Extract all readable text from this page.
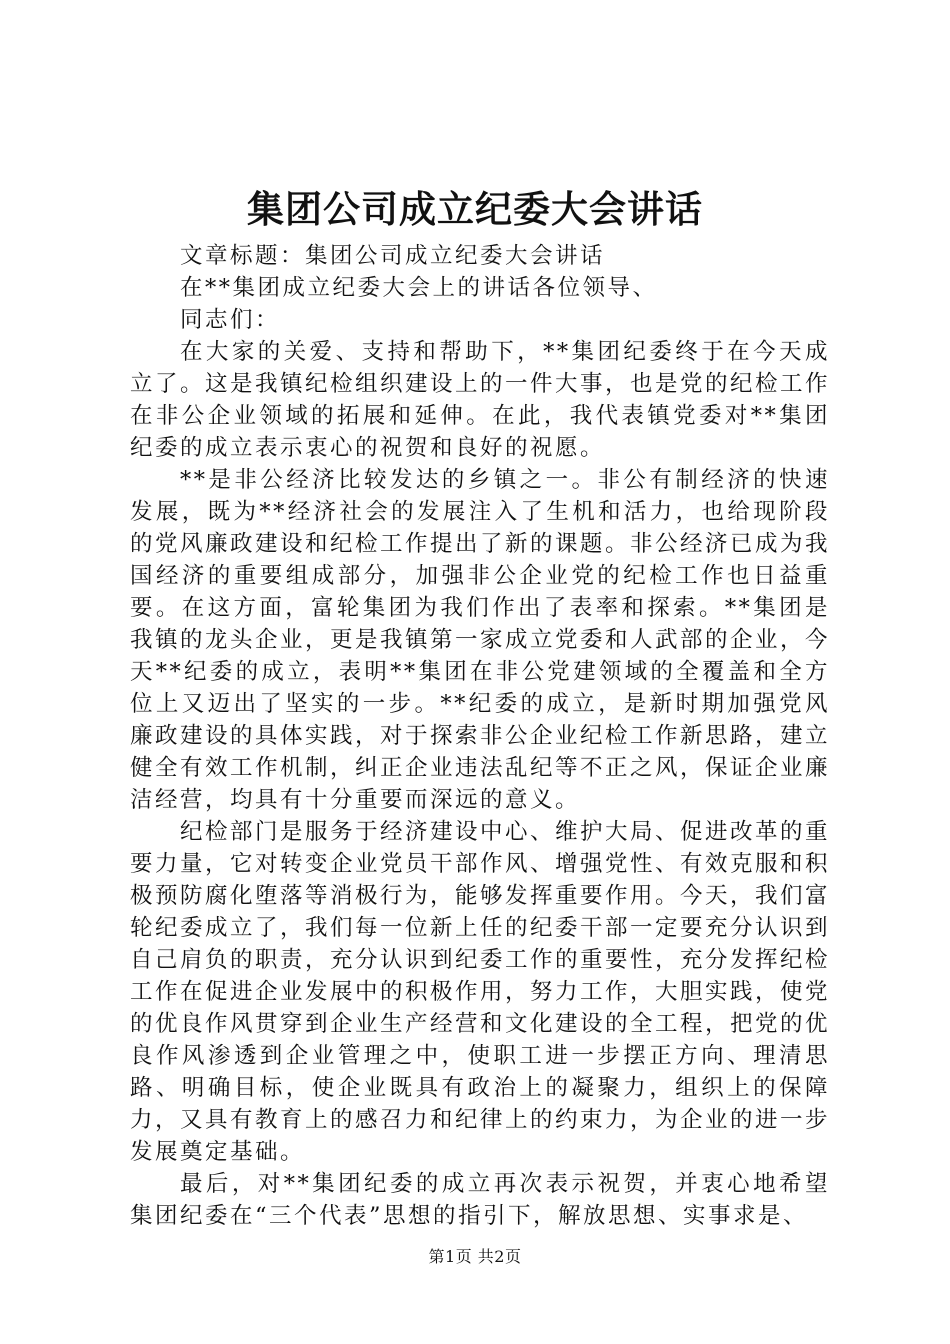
集团公司成立纪委大会讲话

文章标题：集团公司成立纪委大会讲话

在**集团成立纪委大会上的讲话各位领导、

同志们：

在大家的关爱、支持和帮助下，**集团纪委终于在今天成立了。这是我镇纪检组织建设上的一件大事，也是党的纪检工作在非公企业领域的拓展和延伸。在此，我代表镇党委对**集团纪委的成立表示衷心的祝贺和良好的祝愿。

**是非公经济比较发达的乡镇之一。非公有制经济的快速发展，既为**经济社会的发展注入了生机和活力，也给现阶段的党风廉政建设和纪检工作提出了新的课题。非公经济已成为我国经济的重要组成部分，加强非公企业党的纪检工作也日益重要。在这方面，富轮集团为我们作出了表率和探索。**集团是我镇的龙头企业，更是我镇第一家成立党委和人武部的企业，今天**纪委的成立，表明**集团在非公党建领域的全覆盖和全方位上又迈出了坚实的一步。**纪委的成立，是新时期加强党风廉政建设的具体实践，对于探索非公企业纪检工作新思路，建立健全有效工作机制，纠正企业违法乱纪等不正之风，保证企业廉洁经营，均具有十分重要而深远的意义。

纪检部门是服务于经济建设中心、维护大局、促进改革的重要力量，它对转变企业党员干部作风、增强党性、有效克服和积极预防腐化堕落等消极行为，能够发挥重要作用。今天，我们富轮纪委成立了，我们每一位新上任的纪委干部一定要充分认识到自己肩负的职责，充分认识到纪委工作的重要性，充分发挥纪检工作在促进企业发展中的积极作用，努力工作，大胆实践，使党的优良作风贯穿到企业生产经营和文化建设的全工程，把党的优良作风渗透到企业管理之中，使职工进一步摆正方向、理清思路、明确目标，使企业既具有政治上的凝聚力，组织上的保障力，又具有教育上的感召力和纪律上的约束力，为企业的进一步发展奠定基础。

最后，对**集团纪委的成立再次表示祝贺，并衷心地希望集团纪委在“三个代表”思想的指引下，解放思想、实事求是、

第1页 共2页
